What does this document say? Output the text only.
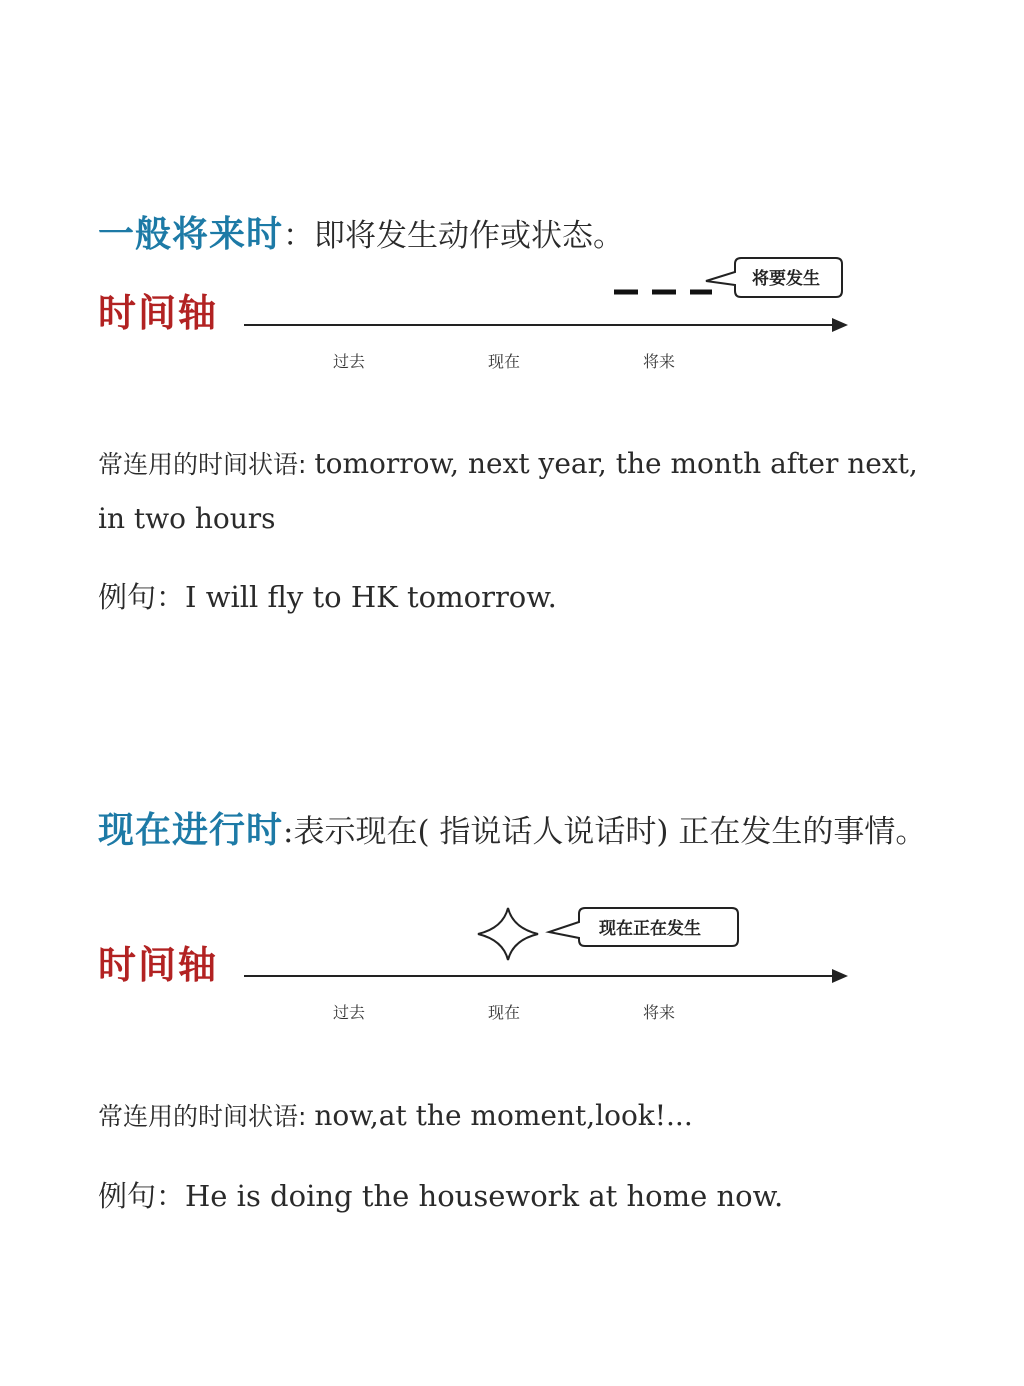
一般将来时：即将发生动作或状态。
时间轴
将要发生
过去	现在	将来
常连用的时间状语: tomorrow, next year, the month after next, in two hours
例句：I will fly to HK tomorrow.
现在进行时:表示现在( 指说话人说话时) 正在发生的事情。
时间轴
现在正在发生
过去	现在	将来
常连用的时间状语: now,at the moment,look!...
例句：He is doing the housework at home now.
